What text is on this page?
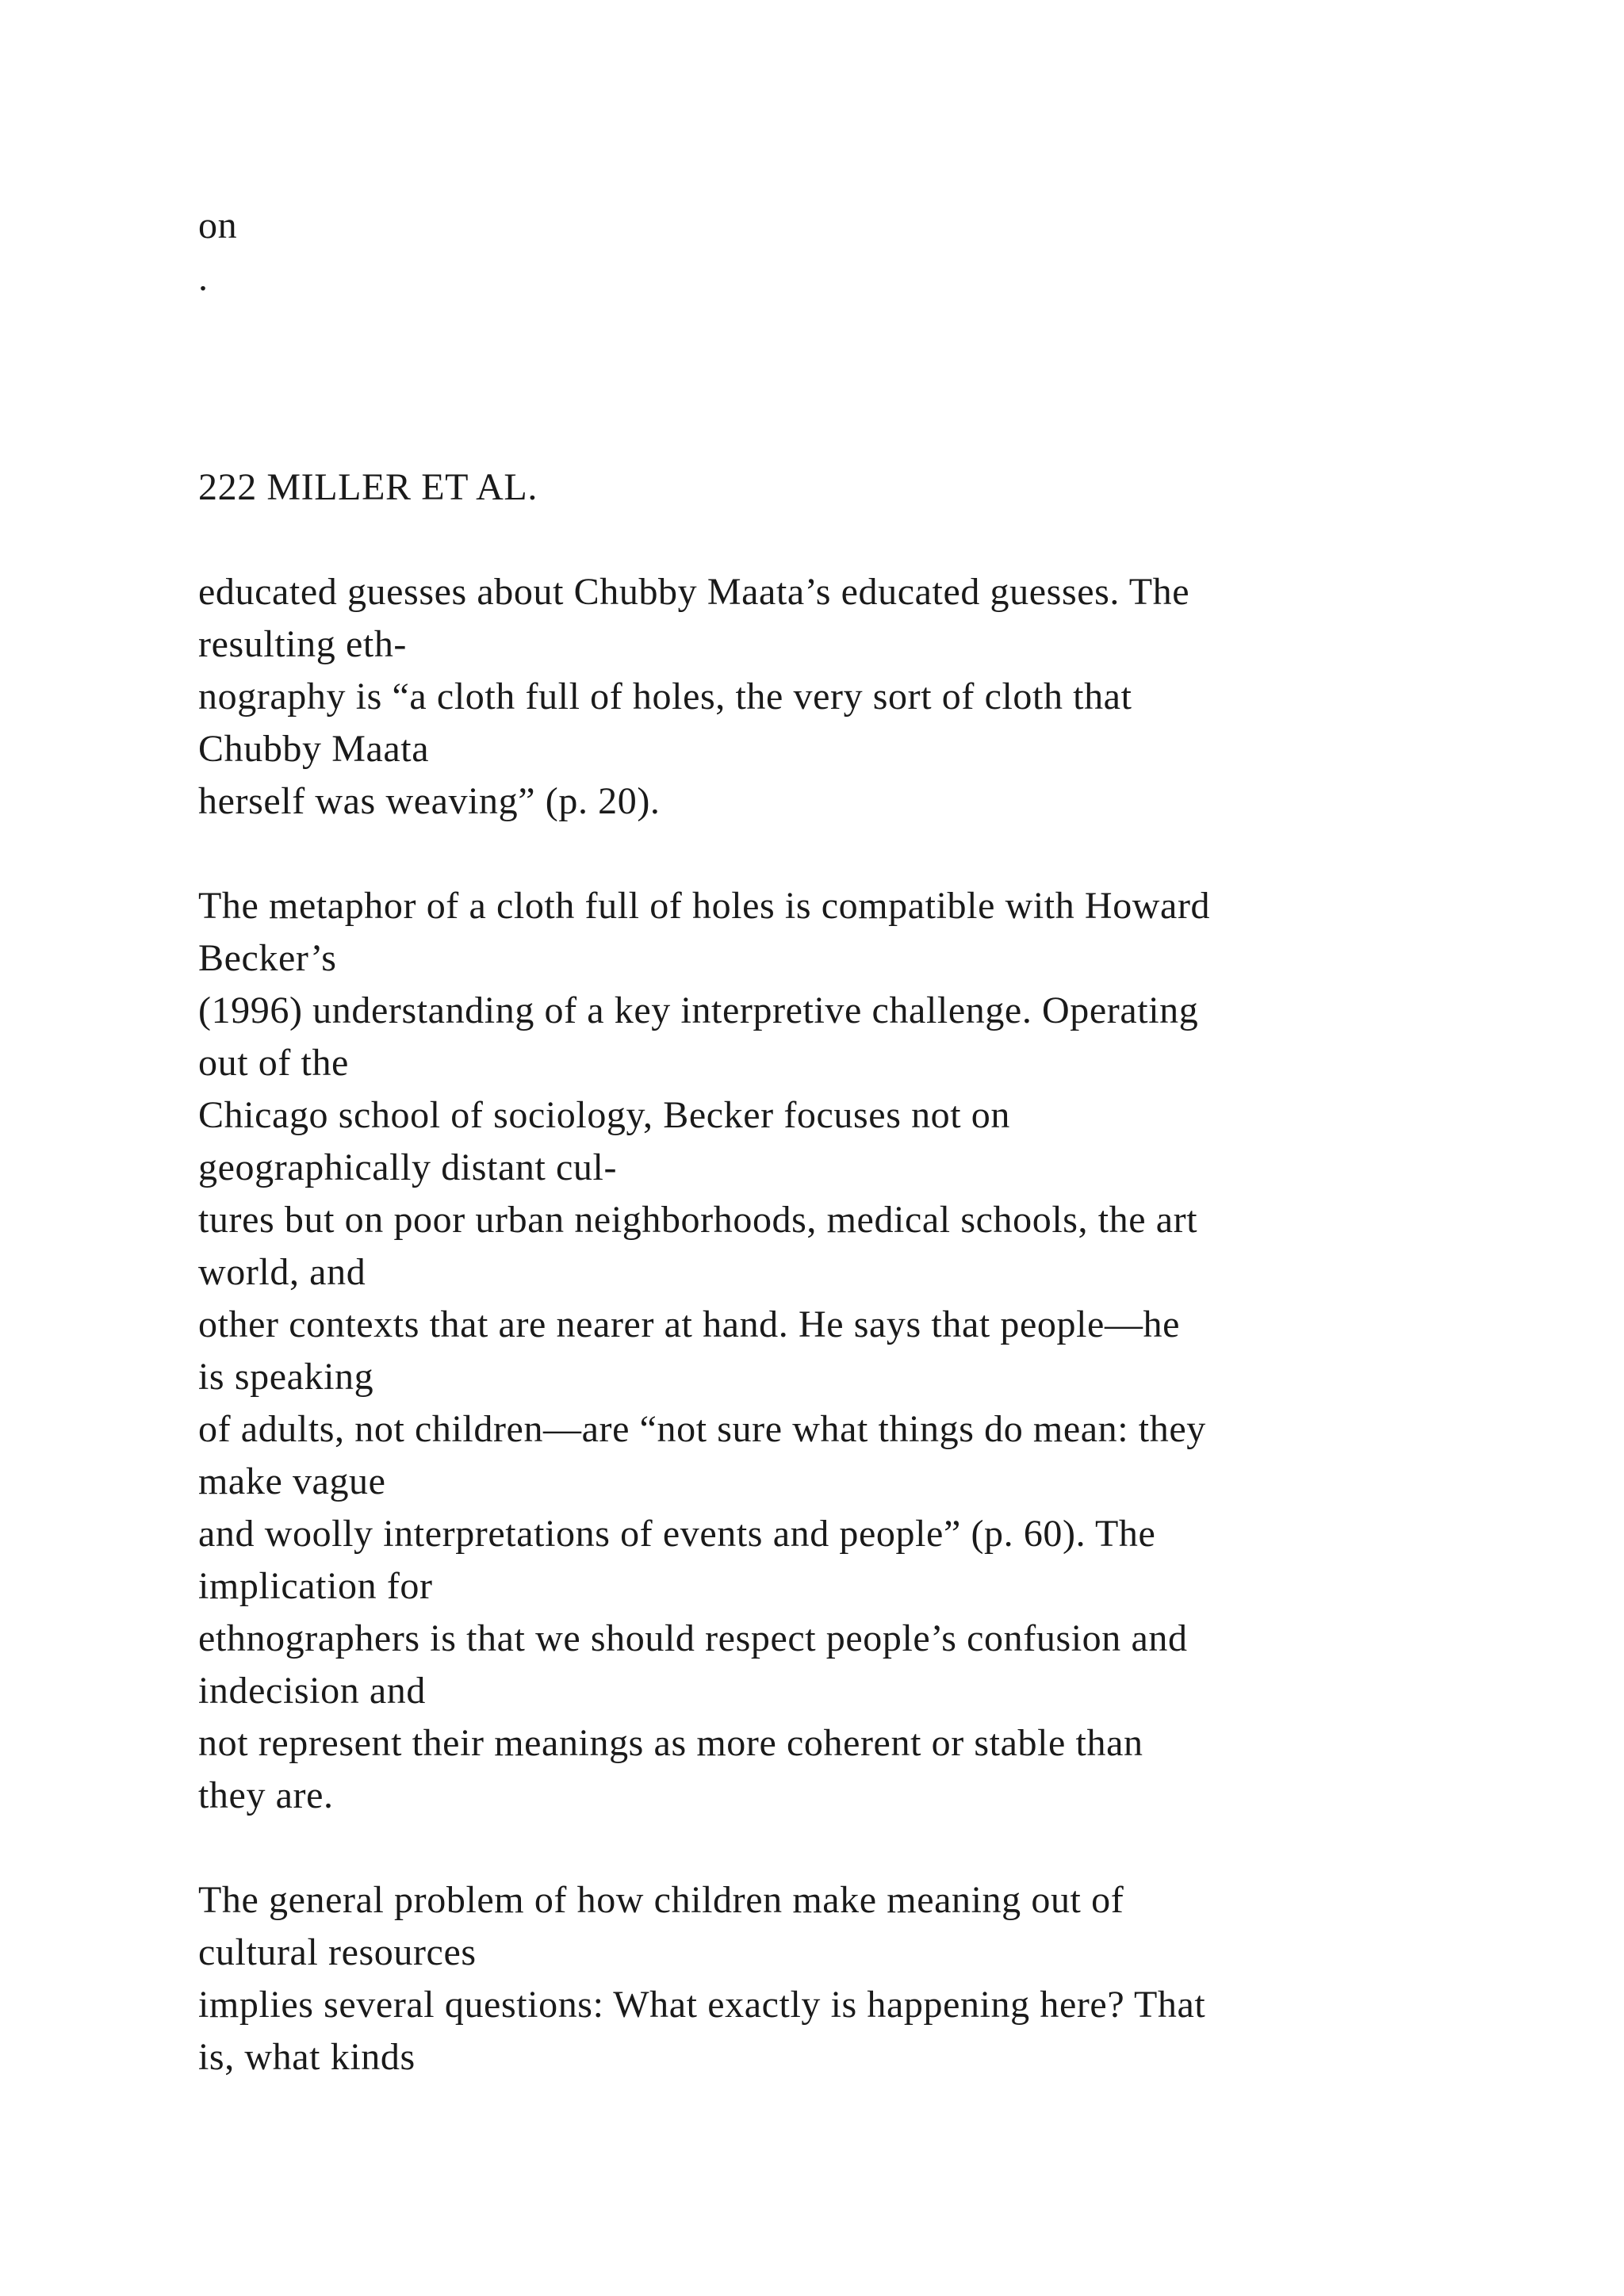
on

.

222 MILLER ET AL.

educated guesses about Chubby Maata’s educated guesses. The

resulting eth-

nography is “a cloth full of holes, the very sort of cloth that

Chubby Maata

herself was weaving” (p. 20).

The metaphor of a cloth full of holes is compatible with Howard

Becker’s

(1996) understanding of a key interpretive challenge. Operating

out of the

Chicago school of sociology, Becker focuses not on

geographically distant cul-

tures but on poor urban neighborhoods, medical schools, the art

world, and

other contexts that are nearer at hand. He says that people—he

is speaking

of adults, not children—are “not sure what things do mean: they

make vague

and woolly interpretations of events and people” (p. 60). The

implication for

ethnographers is that we should respect people’s confusion and

indecision and

not represent their meanings as more coherent or stable than

they are.

The general problem of how children make meaning out of

cultural resources

implies several questions: What exactly is happening here? That

is, what kinds
